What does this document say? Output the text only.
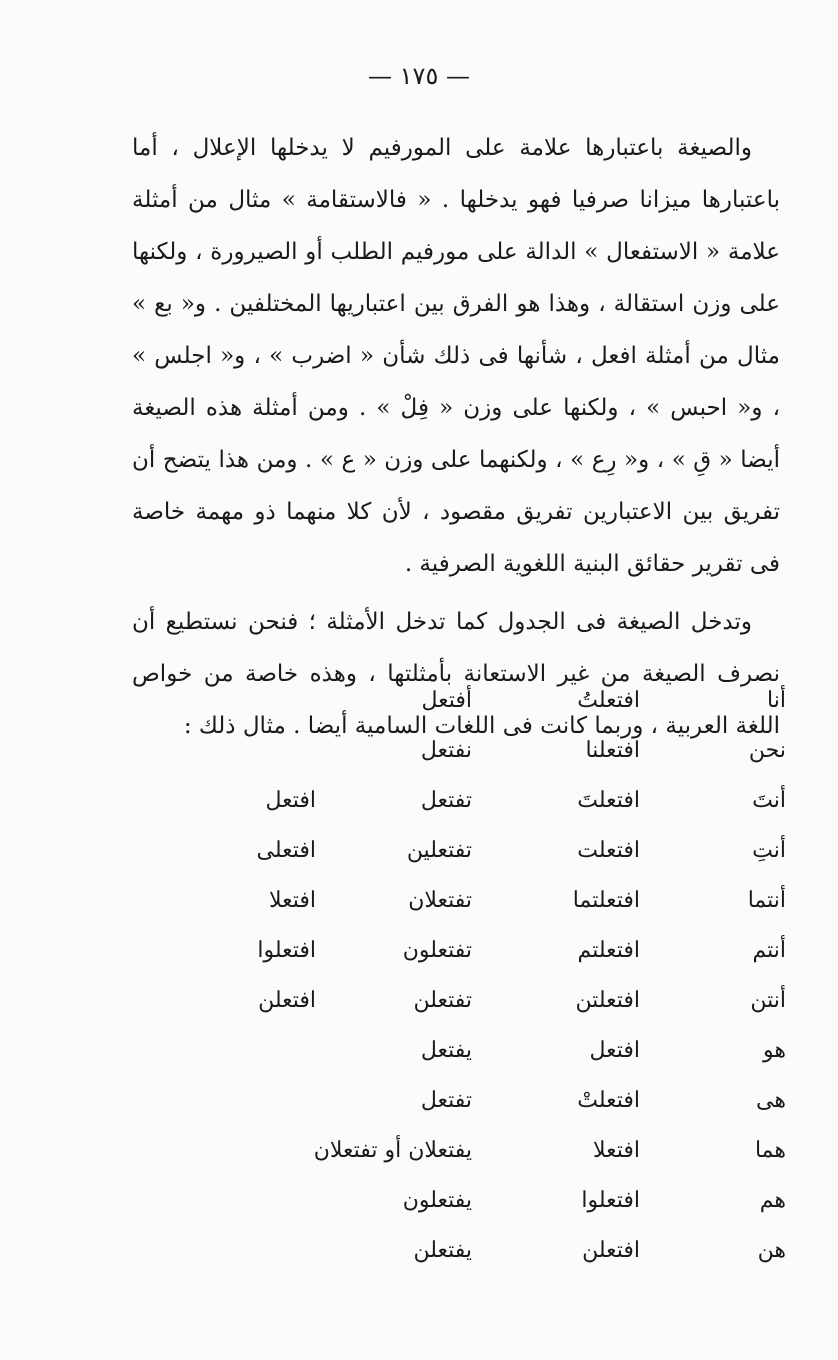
— ١٧٥ —

والصيغة باعتبارها علامة على المورفيم لا يدخلها الإعلال ، أما باعتبارها ميزانا صرفيا فهو يدخلها . « فالاستقامة » مثال من أمثلة علامة « الاستفعال » الدالة على مورفيم الطلب أو الصيرورة ، ولكنها على وزن استقالة ، وهذا هو الفرق بين اعتباريها المختلفين . و« بع » مثال من أمثلة افعل ، شأنها فى ذلك شأن « اضرب » ، و« اجلس » ، و« احبس » ، ولكنها على وزن « فِلْ » . ومن أمثلة هذه الصيغة أيضا « قِ » ، و« رِع » ، ولكنهما على وزن « ع » . ومن هذا يتضح أن تفريق بين الاعتبارين تفريق مقصود ، لأن كلا منهما ذو مهمة خاصة فى تقرير حقائق البنية اللغوية الصرفية .

وتدخل الصيغة فى الجدول كما تدخل الأمثلة ؛ فنحن نستطيع أن نصرف الصيغة من غير الاستعانة بأمثلتها ، وهذه خاصة من خواص اللغة العربية ، وربما كانت فى اللغات السامية أيضا . مثال ذلك :

أنا
افتعلتُ
أفتعل
نحن
افتعلنا
نفتعل
أنتَ
افتعلتَ
تفتعل
افتعل
أنتِ
افتعلت
تفتعلين
افتعلى
أنتما
افتعلتما
تفتعلان
افتعلا
أنتم
افتعلتم
تفتعلون
افتعلوا
أنتن
افتعلتن
تفتعلن
افتعلن
هو
افتعل
يفتعل
هى
افتعلتْ
تفتعل
هما
افتعلا
يفتعلان أو تفتعلان
هم
افتعلوا
يفتعلون
هن
افتعلن
يفتعلن
